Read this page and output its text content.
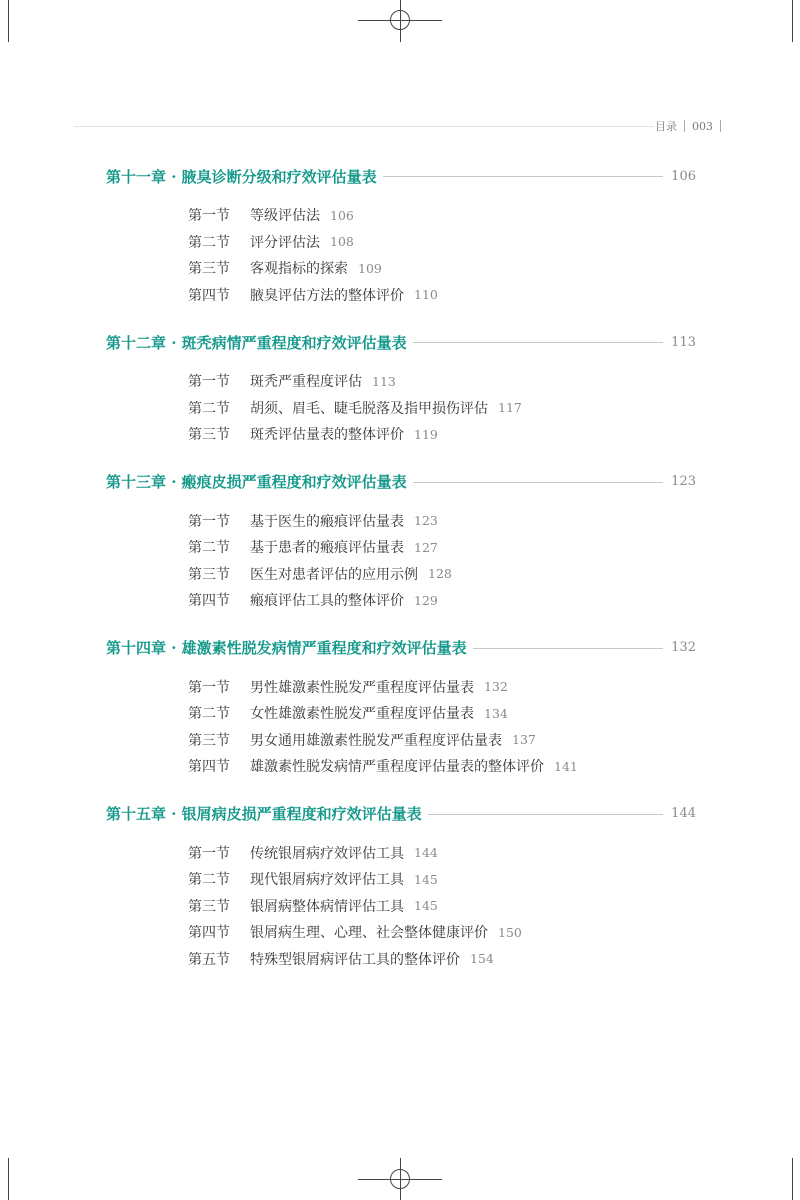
目录 003
第十一章 · 腋臭诊断分级和疗效评估量表	106
第一节	等级评估法 106
第二节	评分评估法 108
第三节	客观指标的探索 109
第四节	腋臭评估方法的整体评价 110
第十二章 · 斑秃病情严重程度和疗效评估量表	113
第一节	斑秃严重程度评估 113
第二节	胡须、眉毛、睫毛脱落及指甲损伤评估 117
第三节	斑秃评估量表的整体评价 119
第十三章 · 瘢痕皮损严重程度和疗效评估量表	123
第一节	基于医生的瘢痕评估量表 123
第二节	基于患者的瘢痕评估量表 127
第三节	医生对患者评估的应用示例 128
第四节	瘢痕评估工具的整体评价 129
第十四章 · 雄激素性脱发病情严重程度和疗效评估量表	132
第一节	男性雄激素性脱发严重程度评估量表 132
第二节	女性雄激素性脱发严重程度评估量表 134
第三节	男女通用雄激素性脱发严重程度评估量表 137
第四节	雄激素性脱发病情严重程度评估量表的整体评价 141
第十五章 · 银屑病皮损严重程度和疗效评估量表	144
第一节	传统银屑病疗效评估工具 144
第二节	现代银屑病疗效评估工具 145
第三节	银屑病整体病情评估工具 145
第四节	银屑病生理、心理、社会整体健康评价 150
第五节	特殊型银屑病评估工具的整体评价 154
